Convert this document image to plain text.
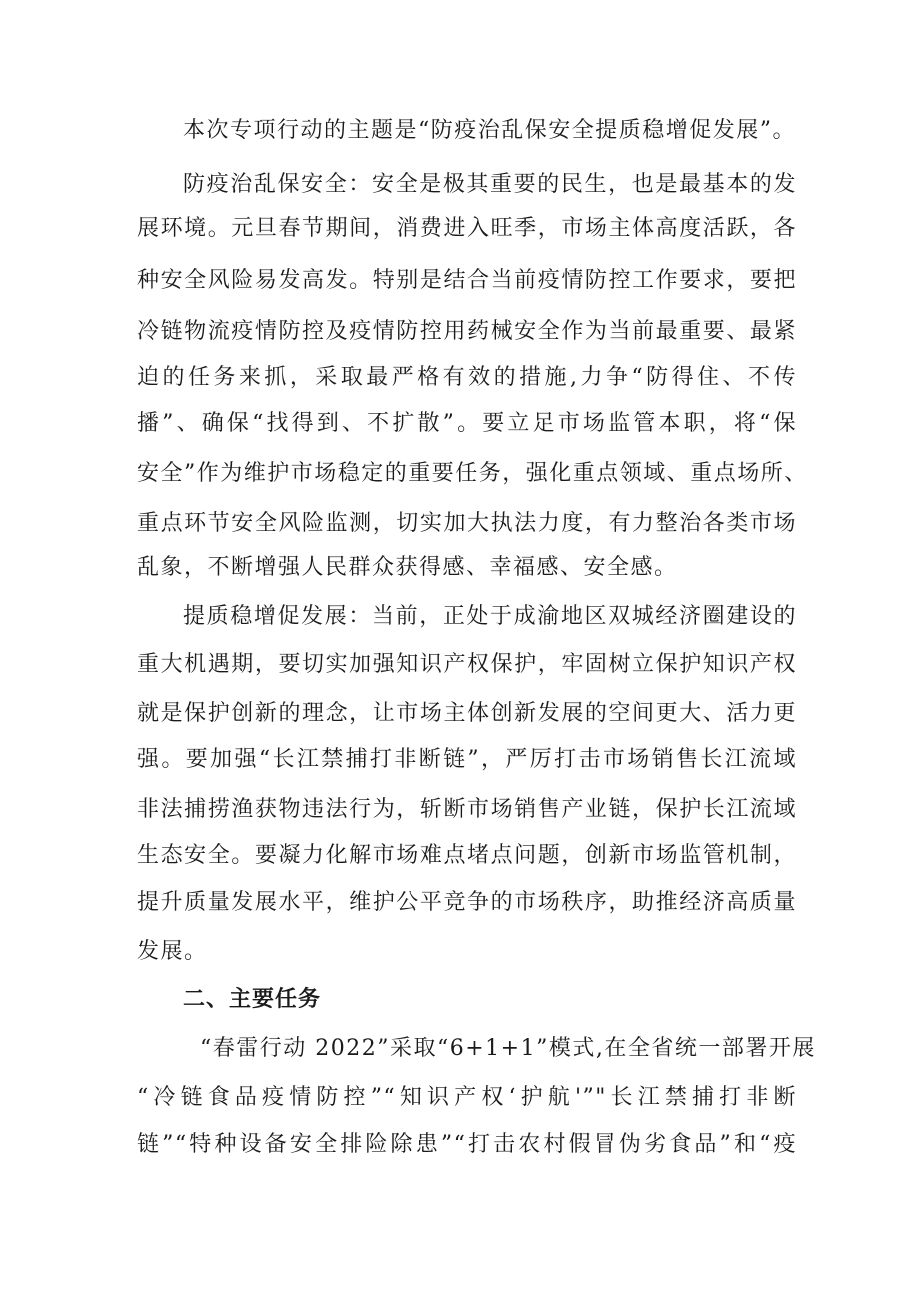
本次专项行动的主题是“防疫治乱保安全提质稳增促发展”。
防疫治乱保安全：安全是极其重要的民生，也是最基本的发
展环境。元旦春节期间，消费进入旺季，市场主体高度活跃，各
种安全风险易发高发。特别是结合当前疫情防控工作要求，要把
冷链物流疫情防控及疫情防控用药械安全作为当前最重要、最紧
迫的任务来抓，采取最严格有效的措施,力争“防得住、不传
播”、确保“找得到、不扩散”。要立足市场监管本职，将“保
安全”作为维护市场稳定的重要任务，强化重点领域、重点场所、
重点环节安全风险监测，切实加大执法力度，有力整治各类市场
乱象，不断增强人民群众获得感、幸福感、安全感。
提质稳增促发展：当前，正处于成渝地区双城经济圈建设的
重大机遇期，要切实加强知识产权保护，牢固树立保护知识产权
就是保护创新的理念，让市场主体创新发展的空间更大、活力更
强。要加强“长江禁捕打非断链”，严厉打击市场销售长江流域
非法捕捞渔获物违法行为，斩断市场销售产业链，保护长江流域
生态安全。要凝力化解市场难点堵点问题，创新市场监管机制，
提升质量发展水平，维护公平竞争的市场秩序，助推经济高质量
发展。
二、主要任务
“春雷行动 2022”采取“6+1+1”模式,在全省统一部署开展
“冷链食品疫情防控”“知识产权‘护航'”"长江禁捕打非断
链”“特种设备安全排险除患”“打击农村假冒伪劣食品”和“疫
